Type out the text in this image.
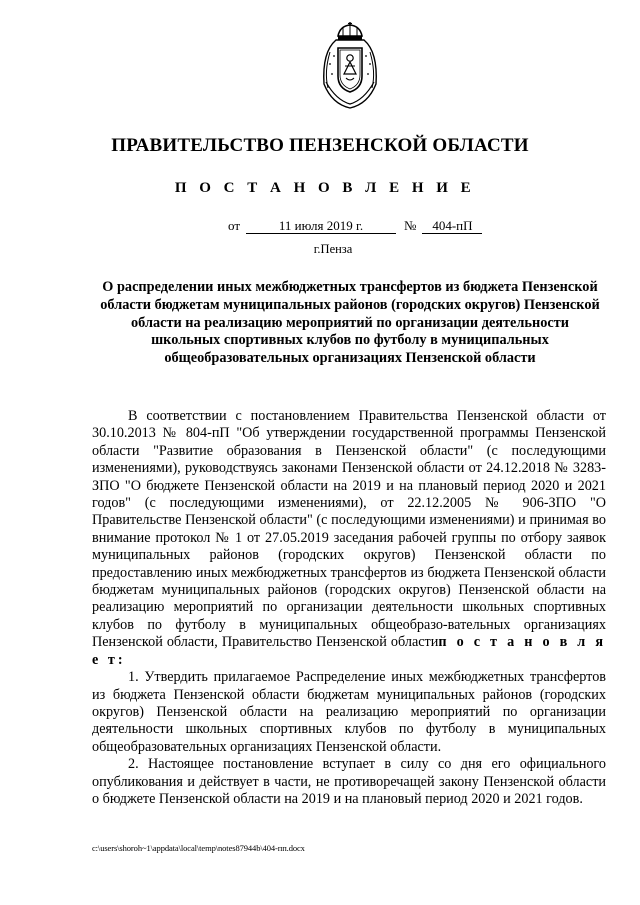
ПРАВИТЕЛЬСТВО ПЕНЗЕНСКОЙ ОБЛАСТИ
П О С Т А Н О В Л Е Н И Е
от	11 июля 2019 г.	№	404-пП
г.Пенза
О распределении иных межбюджетных трансфертов из бюджета Пензенской области бюджетам муниципальных районов (городских округов) Пензенской области на реализацию мероприятий по организации деятельности школьных спортивных клубов по футболу в муниципальных общеобразовательных организациях Пензенской области

В соответствии с постановлением Правительства Пензенской области от 30.10.2013 № 804-пП "Об утверждении государственной программы Пензенской области "Развитие образования в Пензенской области" (с последующими изменениями), руководствуясь законами Пензенской области от 24.12.2018 № 3283-ЗПО "О бюджете Пензенской области на 2019 и на плановый период 2020 и 2021 годов" (с последующими изменениями), от 22.12.2005 № 906-ЗПО "О Правительстве Пензенской области" (с последующими изменениями) и принимая во внимание протокол № 1 от 27.05.2019 заседания рабочей группы по отбору заявок муниципальных районов (городских округов) Пензенской области по предоставлению иных межбюджетных трансфертов из бюджета Пензенской области бюджетам муниципальных районов (городских округов) Пензенской области на реализацию мероприятий по организации деятельности школьных спортивных клубов по футболу в муниципальных общеобразо-вательных организациях Пензенской области, Правительство Пензенской областип о с т а н о в л я е т:

1. Утвердить прилагаемое Распределение иных межбюджетных трансфертов из бюджета Пензенской области бюджетам муниципальных районов (городских округов) Пензенской области на реализацию мероприятий по организации деятельности школьных спортивных клубов по футболу в муниципальных общеобразовательных организациях Пензенской области.

2. Настоящее постановление вступает в силу со дня его официального опубликования и действует в части, не противоречащей закону Пензенской области о бюджете Пензенской области на 2019 и на плановый период 2020 и 2021 годов.

c:\users\shoroh~1\appdata\local\temp\notes87944b\404-пп.docx
